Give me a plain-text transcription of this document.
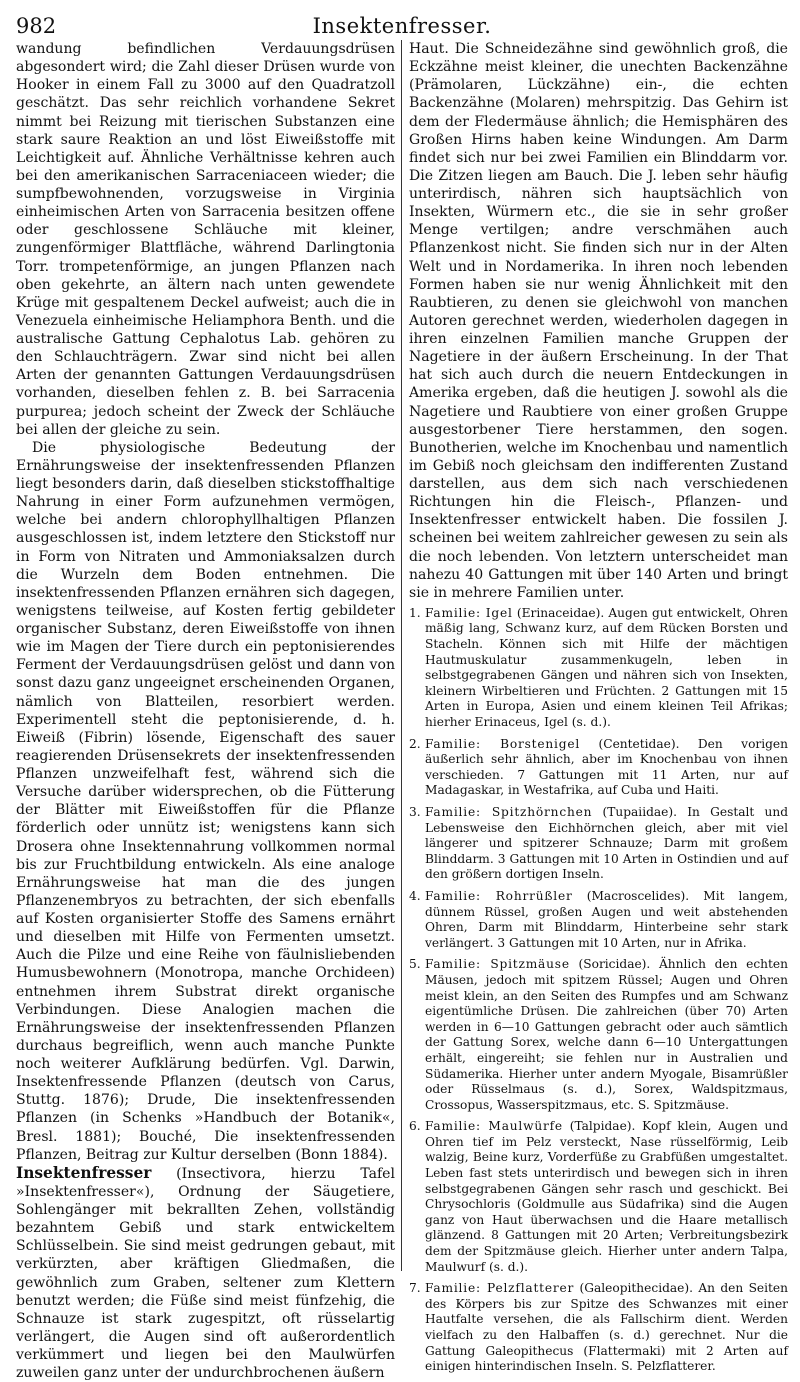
982	Insektenfresser.

wandung befindlichen Verdauungsdrüsen abgesondert wird; die Zahl dieser Drüsen wurde von Hooker in einem Fall zu 3000 auf den Quadratzoll geschätzt. Das sehr reichlich vorhandene Sekret nimmt bei Reizung mit tierischen Substanzen eine stark saure Reaktion an und löst Eiweißstoffe mit Leichtigkeit auf. Ähnliche Verhältnisse kehren auch bei den amerikanischen Sarraceniaceen wieder; die sumpfbewohnenden, vorzugsweise in Virginia einheimischen Arten von Sarracenia besitzen offene oder geschlossene Schläuche mit kleiner, zungenförmiger Blattfläche, während Darlingtonia Torr. trompetenförmige, an jungen Pflanzen nach oben gekehrte, an ältern nach unten gewendete Krüge mit gespaltenem Deckel aufweist; auch die in Venezuela einheimische Heliamphora Benth. und die australische Gattung Cephalotus Lab. gehören zu den Schlauchträgern. Zwar sind nicht bei allen Arten der genannten Gattungen Verdauungsdrüsen vorhanden, dieselben fehlen z. B. bei Sarracenia purpurea; jedoch scheint der Zweck der Schläuche bei allen der gleiche zu sein.

Die physiologische Bedeutung der Ernährungsweise der insektenfressenden Pflanzen liegt besonders darin, daß dieselben stickstoffhaltige Nahrung in einer Form aufzunehmen vermögen, welche bei andern chlorophyllhaltigen Pflanzen ausgeschlossen ist, indem letztere den Stickstoff nur in Form von Nitraten und Ammoniaksalzen durch die Wurzeln dem Boden entnehmen. Die insektenfressenden Pflanzen ernähren sich dagegen, wenigstens teilweise, auf Kosten fertig gebildeter organischer Substanz, deren Eiweißstoffe von ihnen wie im Magen der Tiere durch ein peptonisierendes Ferment der Verdauungsdrüsen gelöst und dann von sonst dazu ganz ungeeignet erscheinenden Organen, nämlich von Blatteilen, resorbiert werden. Experimentell steht die peptonisierende, d. h. Eiweiß (Fibrin) lösende, Eigenschaft des sauer reagierenden Drüsensekrets der insektenfressenden Pflanzen unzweifelhaft fest, während sich die Versuche darüber widersprechen, ob die Fütterung der Blätter mit Eiweißstoffen für die Pflanze förderlich oder unnütz ist; wenigstens kann sich Drosera ohne Insektennahrung vollkommen normal bis zur Fruchtbildung entwickeln. Als eine analoge Ernährungsweise hat man die des jungen Pflanzenembryos zu betrachten, der sich ebenfalls auf Kosten organisierter Stoffe des Samens ernährt und dieselben mit Hilfe von Fermenten umsetzt. Auch die Pilze und eine Reihe von fäulnisliebenden Humusbewohnern (Monotropa, manche Orchideen) entnehmen ihrem Substrat direkt organische Verbindungen. Diese Analogien machen die Ernährungsweise der insektenfressenden Pflanzen durchaus begreiflich, wenn auch manche Punkte noch weiterer Aufklärung bedürfen. Vgl. Darwin, Insektenfressende Pflanzen (deutsch von Carus, Stuttg. 1876); Drude, Die insektenfressenden Pflanzen (in Schenks »Handbuch der Botanik«, Bresl. 1881); Bouché, Die insektenfressenden Pflanzen, Beitrag zur Kultur derselben (Bonn 1884).

Insektenfresser (Insectivora, hierzu Tafel »Insektenfresser«), Ordnung der Säugetiere, Sohlengänger mit bekrallten Zehen, vollständig bezahntem Gebiß und stark entwickeltem Schlüsselbein. Sie sind meist gedrungen gebaut, mit verkürzten, aber kräftigen Gliedmaßen, die gewöhnlich zum Graben, seltener zum Klettern benutzt werden; die Füße sind meist fünfzehig, die Schnauze ist stark zugespitzt, oft rüsselartig verlängert, die Augen sind oft außerordentlich verkümmert und liegen bei den Maulwürfen zuweilen ganz unter der undurchbrochenen äußern

Haut. Die Schneidezähne sind gewöhnlich groß, die Eckzähne meist kleiner, die unechten Backenzähne (Prämolaren, Lückzähne) ein-, die echten Backenzähne (Molaren) mehrspitzig. Das Gehirn ist dem der Fledermäuse ähnlich; die Hemisphären des Großen Hirns haben keine Windungen. Am Darm findet sich nur bei zwei Familien ein Blinddarm vor. Die Zitzen liegen am Bauch. Die J. leben sehr häufig unterirdisch, nähren sich hauptsächlich von Insekten, Würmern etc., die sie in sehr großer Menge vertilgen; andre verschmähen auch Pflanzenkost nicht. Sie finden sich nur in der Alten Welt und in Nordamerika. In ihren noch lebenden Formen haben sie nur wenig Ähnlichkeit mit den Raubtieren, zu denen sie gleichwohl von manchen Autoren gerechnet werden, wiederholen dagegen in ihren einzelnen Familien manche Gruppen der Nagetiere in der äußern Erscheinung. In der That hat sich auch durch die neuern Entdeckungen in Amerika ergeben, daß die heutigen J. sowohl als die Nagetiere und Raubtiere von einer großen Gruppe ausgestorbener Tiere herstammen, den sogen. Bunotherien, welche im Knochenbau und namentlich im Gebiß noch gleichsam den indifferenten Zustand darstellen, aus dem sich nach verschiedenen Richtungen hin die Fleisch-, Pflanzen- und Insektenfresser entwickelt haben. Die fossilen J. scheinen bei weitem zahlreicher gewesen zu sein als die noch lebenden. Von letztern unterscheidet man nahezu 40 Gattungen mit über 140 Arten und bringt sie in mehrere Familien unter.

1. Familie: Igel (Erinaceidae). Augen gut entwickelt, Ohren mäßig lang, Schwanz kurz, auf dem Rücken Borsten und Stacheln. Können sich mit Hilfe der mächtigen Hautmuskulatur zusammenkugeln, leben in selbstgegrabenen Gängen und nähren sich von Insekten, kleinern Wirbeltieren und Früchten. 2 Gattungen mit 15 Arten in Europa, Asien und einem kleinen Teil Afrikas; hierher Erinaceus, Igel (s. d.).
2. Familie: Borstenigel (Centetidae). Den vorigen äußerlich sehr ähnlich, aber im Knochenbau von ihnen verschieden. 7 Gattungen mit 11 Arten, nur auf Madagaskar, in Westafrika, auf Cuba und Haiti.
3. Familie: Spitzhörnchen (Tupaiidae). In Gestalt und Lebensweise den Eichhörnchen gleich, aber mit viel längerer und spitzerer Schnauze; Darm mit großem Blinddarm. 3 Gattungen mit 10 Arten in Ostindien und auf den größern dortigen Inseln.
4. Familie: Rohrrüßler (Macroscelides). Mit langem, dünnem Rüssel, großen Augen und weit abstehenden Ohren, Darm mit Blinddarm, Hinterbeine sehr stark verlängert. 3 Gattungen mit 10 Arten, nur in Afrika.
5. Familie: Spitzmäuse (Soricidae). Ähnlich den echten Mäusen, jedoch mit spitzem Rüssel; Augen und Ohren meist klein, an den Seiten des Rumpfes und am Schwanz eigentümliche Drüsen. Die zahlreichen (über 70) Arten werden in 6—10 Gattungen gebracht oder auch sämtlich der Gattung Sorex, welche dann 6—10 Untergattungen erhält, eingereiht; sie fehlen nur in Australien und Südamerika. Hierher unter andern Myogale, Bisamrüßler oder Rüsselmaus (s. d.), Sorex, Waldspitzmaus, Crossopus, Wasserspitzmaus, etc. S. Spitzmäuse.
6. Familie: Maulwürfe (Talpidae). Kopf klein, Augen und Ohren tief im Pelz versteckt, Nase rüsselförmig, Leib walzig, Beine kurz, Vorderfüße zu Grabfüßen umgestaltet. Leben fast stets unterirdisch und bewegen sich in ihren selbstgegrabenen Gängen sehr rasch und geschickt. Bei Chrysochloris (Goldmulle aus Südafrika) sind die Augen ganz von Haut überwachsen und die Haare metallisch glänzend. 8 Gattungen mit 20 Arten; Verbreitungsbezirk dem der Spitzmäuse gleich. Hierher unter andern Talpa, Maulwurf (s. d.).
7. Familie: Pelzflatterer (Galeopithecidae). An den Seiten des Körpers bis zur Spitze des Schwanzes mit einer Hautfalte versehen, die als Fallschirm dient. Werden vielfach zu den Halbaffen (s. d.) gerechnet. Nur die Gattung Galeopithecus (Flattermaki) mit 2 Arten auf einigen hinterindischen Inseln. S. Pelzflatterer.
